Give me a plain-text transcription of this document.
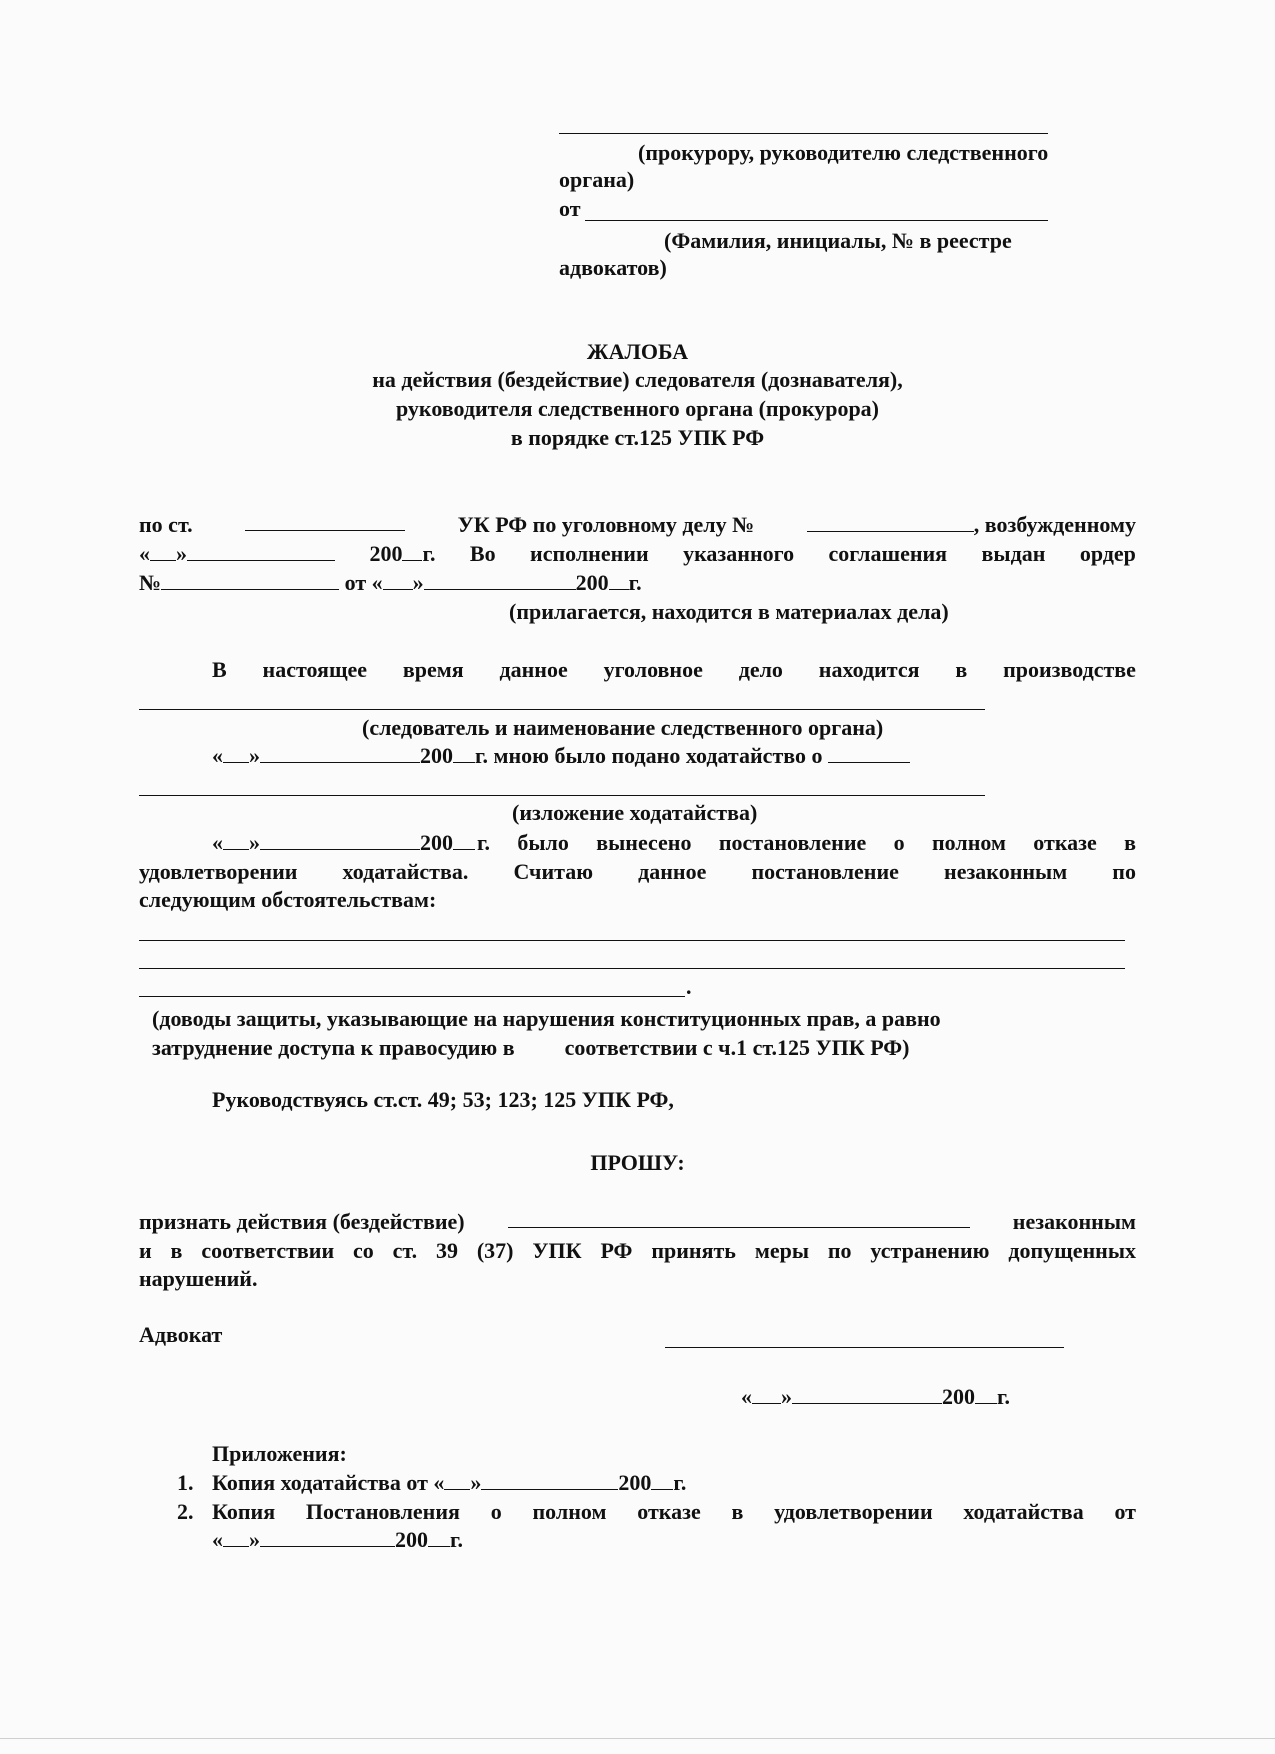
(прокурору, руководителю следственного
органа)
от
(Фамилия, инициалы, № в реестре
адвокатов)
ЖАЛОБА
на действия (бездействие) следователя (дознавателя),
руководителя следственного органа (прокурора)
в порядке ст.125 УПК РФ
по ст.	УК РФ по уголовному делу №	, возбужденному
« »	200 г. Во исполнении указанного соглашения выдан ордер
№	от « »	200 г.
(прилагается, находится в материалах дела)
В настоящее время данное уголовное дело находится в производстве
(следователь и наименование следственного органа)
« »	200 г. мною было подано ходатайство о
(изложение ходатайства)
« »	200	г. было вынесено постановление о полном отказе в
удовлетворении ходатайства. Считаю данное постановление незаконным по
следующим обстоятельствам:
.
(доводы защиты, указывающие на нарушения конституционных прав, а равно
затруднение доступа к правосудию в соответствии с ч.1 ст.125 УПК РФ)
Руководствуясь ст.ст. 49; 53; 123; 125 УПК РФ,
ПРОШУ:
признать действия (бездействие)	незаконным
и в соответствии со ст. 39 (37) УПК РФ принять меры по устранению допущенных
нарушений.
Адвокат
« »	200 г.
Приложения:
1. Копия ходатайства от « »	200 г.
2. Копия Постановления о полном отказе в удовлетворении ходатайства от
« »	200 г.
